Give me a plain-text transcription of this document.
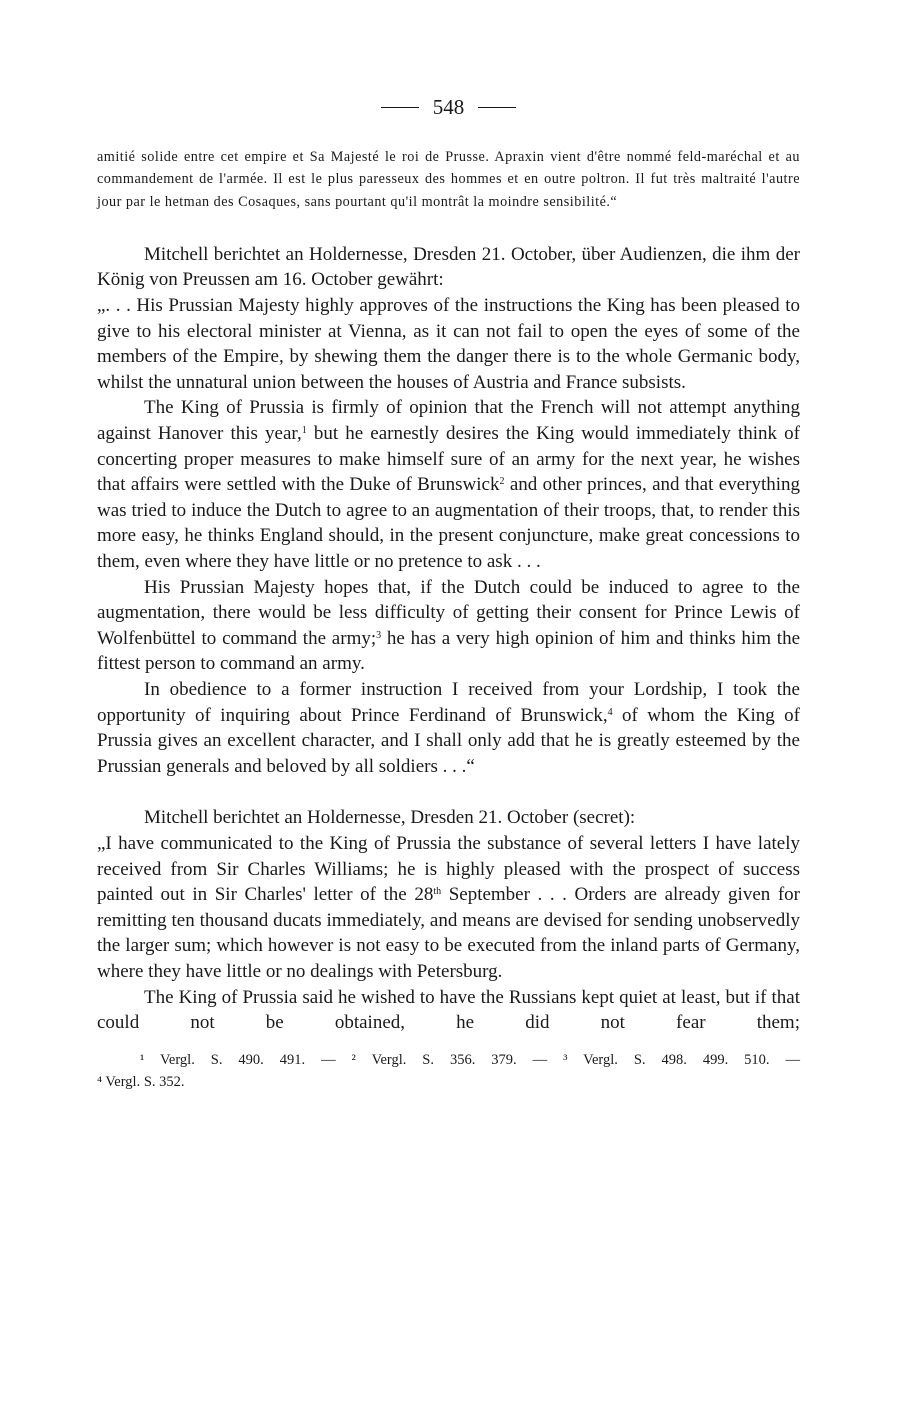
548

amitié solide entre cet empire et Sa Majesté le roi de Prusse. Apraxin vient d'être nommé feld-maréchal et au commandement de l'armée. Il est le plus paresseux des hommes et en outre poltron. Il fut très maltraité l'autre jour par le hetman des Cosaques, sans pourtant qu'il montrât la moindre sensibilité.“

Mitchell berichtet an Holdernesse, Dresden 21. October, über Audienzen, die ihm der König von Preussen am 16. October gewährt:

„. . . His Prussian Majesty highly approves of the instructions the King has been pleased to give to his electoral minister at Vienna, as it can not fail to open the eyes of some of the members of the Empire, by shewing them the danger there is to the whole Germanic body, whilst the unnatural union between the houses of Austria and France subsists.

The King of Prussia is firmly of opinion that the French will not attempt anything against Hanover this year,$^1$ but he earnestly desires the King would immediately think of concerting proper measures to make himself sure of an army for the next year, he wishes that affairs were settled with the Duke of Brunswick$^2$ and other princes, and that everything was tried to induce the Dutch to agree to an augmentation of their troops, that, to render this more easy, he thinks England should, in the present conjuncture, make great concessions to them, even where they have little or no pretence to ask . . .

His Prussian Majesty hopes that, if the Dutch could be induced to agree to the augmentation, there would be less difficulty of getting their consent for Prince Lewis of Wolfenbüttel to command the army;$^3$ he has a very high opinion of him and thinks him the fittest person to command an army.

In obedience to a former instruction I received from your Lordship, I took the opportunity of inquiring about Prince Ferdinand of Brunswick,$^4$ of whom the King of Prussia gives an excellent character, and I shall only add that he is greatly esteemed by the Prussian generals and beloved by all soldiers . . .“

Mitchell berichtet an Holdernesse, Dresden 21. October (secret):

„I have communicated to the King of Prussia the substance of several letters I have lately received from Sir Charles Williams; he is highly pleased with the prospect of success painted out in Sir Charles' letter of the 28th September . . . Orders are already given for remitting ten thousand ducats immediately, and means are devised for sending unobservedly the larger sum; which however is not easy to be executed from the inland parts of Germany, where they have little or no dealings with Petersburg.

The King of Prussia said he wished to have the Russians kept quiet at least, but if that could not be obtained, he did not fear them;

¹ Vergl. S. 490. 491. — ² Vergl. S. 356. 379. — ³ Vergl. S. 498. 499. 510. —
⁴ Vergl. S. 352.
